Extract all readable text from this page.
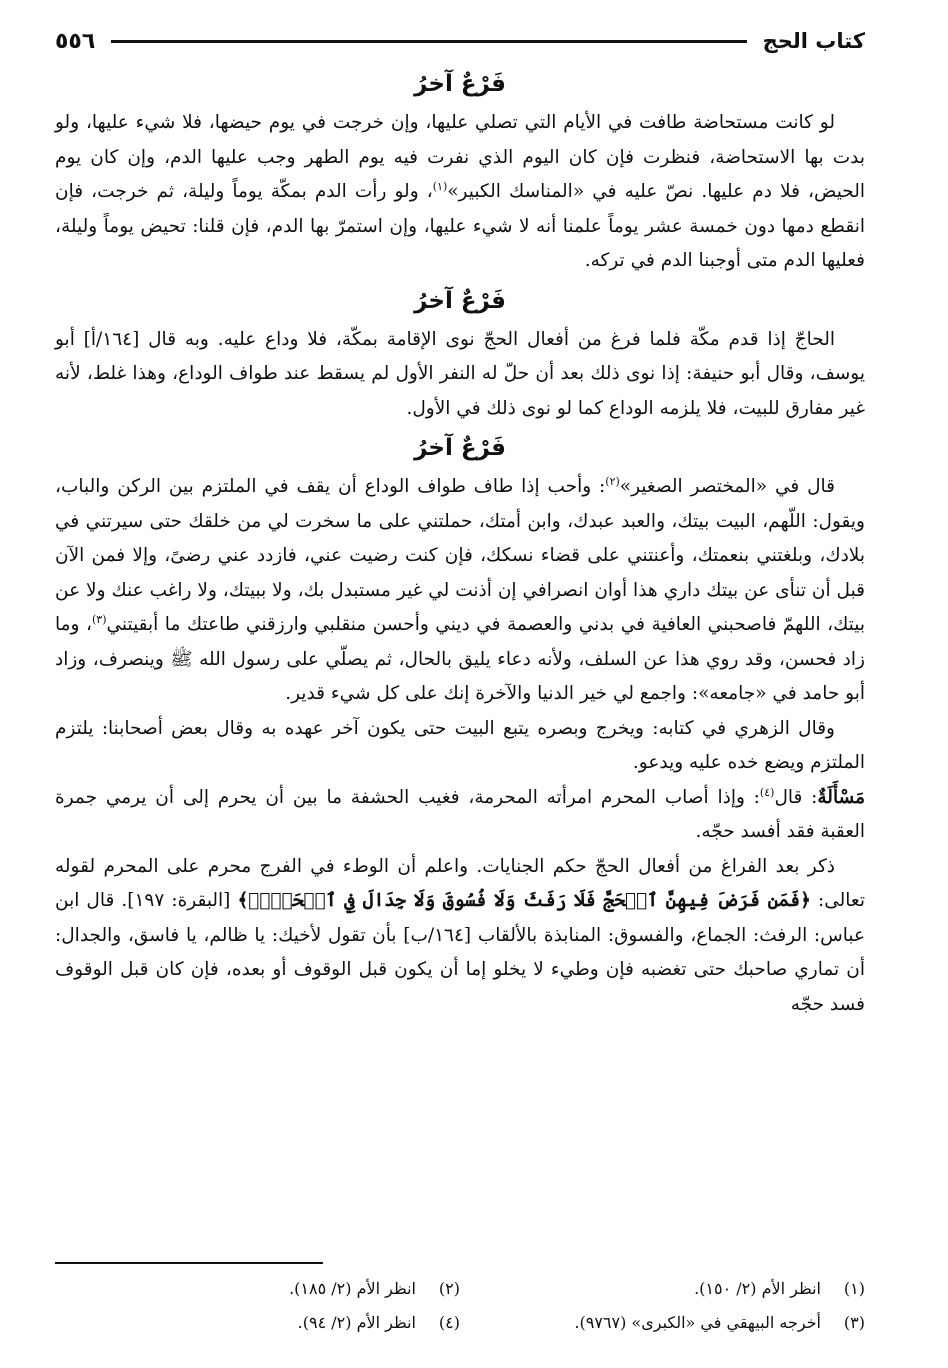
كتاب الحج
٥٥٦
فَرْعٌ آخرُ

لو كانت مستحاضة طافت في الأيام التي تصلي عليها، وإن خرجت في يوم حيضها، فلا شيء عليها، ولو بدت بها الاستحاضة، فنظرت فإن كان اليوم الذي نفرت فيه يوم الطهر وجب عليها الدم، وإن كان يوم الحيض، فلا دم عليها. نصّ عليه في «المناسك الكبير»$^{(١)}$، ولو رأت الدم بمكّة يوماً وليلة، ثم خرجت، فإن انقطع دمها دون خمسة عشر يوماً علمنا أنه لا شيء عليها، وإن استمرّ بها الدم، فإن قلنا: تحيض يوماً وليلة، فعليها الدم متى أوجبنا الدم في تركه.

فَرْعٌ آخرُ

الحاجّ إذا قدم مكّة فلما فرغ من أفعال الحجّ نوى الإقامة بمكّة، فلا وداع عليه. وبه قال [١٦٤/أ] أبو يوسف، وقال أبو حنيفة: إذا نوى ذلك بعد أن حلّ له النفر الأول لم يسقط عند طواف الوداع، وهذا غلط، لأنه غير مفارق للبيت، فلا يلزمه الوداع كما لو نوى ذلك في الأول.

فَرْعٌ آخرُ

قال في «المختصر الصغير»$^{(٢)}$: وأحب إذا طاف طواف الوداع أن يقف في الملتزم بين الركن والباب، ويقول: اللّهم، البيت بيتك، والعبد عبدك، وابن أمتك، حملتني على ما سخرت لي من خلقك حتى سيرتني في بلادك، وبلغتني بنعمتك، وأعنتني على قضاء نسكك، فإن كنت رضيت عني، فازدد عني رضىً، وإلا فمن الآن قبل أن تنأى عن بيتك داري هذا أوان انصرافي إن أذنت لي غير مستبدل بك، ولا ببيتك، ولا راغب عنك ولا عن بيتك، اللهمّ فاصحبني العافية في بدني والعصمة في ديني وأحسن منقلبي وارزقني طاعتك ما أبقيتني$^{(٣)}$، وما زاد فحسن، وقد روي هذا عن السلف، ولأنه دعاء يليق بالحال، ثم يصلّي على رسول الله ﷺ وينصرف، وزاد أبو حامد في «جامعه»: واجمع لي خير الدنيا والآخرة إنك على كل شيء قدير.

وقال الزهري في كتابه: ويخرج وبصره يتبع البيت حتى يكون آخر عهده به وقال بعض أصحابنا: يلتزم الملتزم ويضع خده عليه ويدعو.

مَسْأَلَةٌ: قال$^{(٤)}$: وإذا أصاب المحرم امرأته المحرمة، فغيب الحشفة ما بين أن يحرم إلى أن يرمي جمرة العقبة فقد أفسد حجّه.

ذكر بعد الفراغ من أفعال الحجّ حكم الجنايات. واعلم أن الوطء في الفرج محرم على المحرم لقوله تعالى: ﴿فَمَن فَرَضَ فِيهِنَّ ٱلۡحَجَّ فَلَا رَفَثَ وَلَا فُسُوقَ وَلَا جِدَالَ فِي ٱلۡحَجِّۗ﴾ [البقرة: ١٩٧]. قال ابن عباس: الرفث: الجماع، والفسوق: المنابذة بالألقاب [١٦٤/ب] بأن تقول لأخيك: يا ظالم، يا فاسق، والجدال: أن تماري صاحبك حتى تغضبه فإن وطيء لا يخلو إما أن يكون قبل الوقوف أو بعده، فإن كان قبل الوقوف فسد حجّه

(١)انظر الأم (٢/ ١٥٠).
(٢)انظر الأم (٢/ ١٨٥).
(٣)أخرجه البيهقي في «الكبرى» (٩٧٦٧).
(٤)انظر الأم (٢/ ٩٤).
